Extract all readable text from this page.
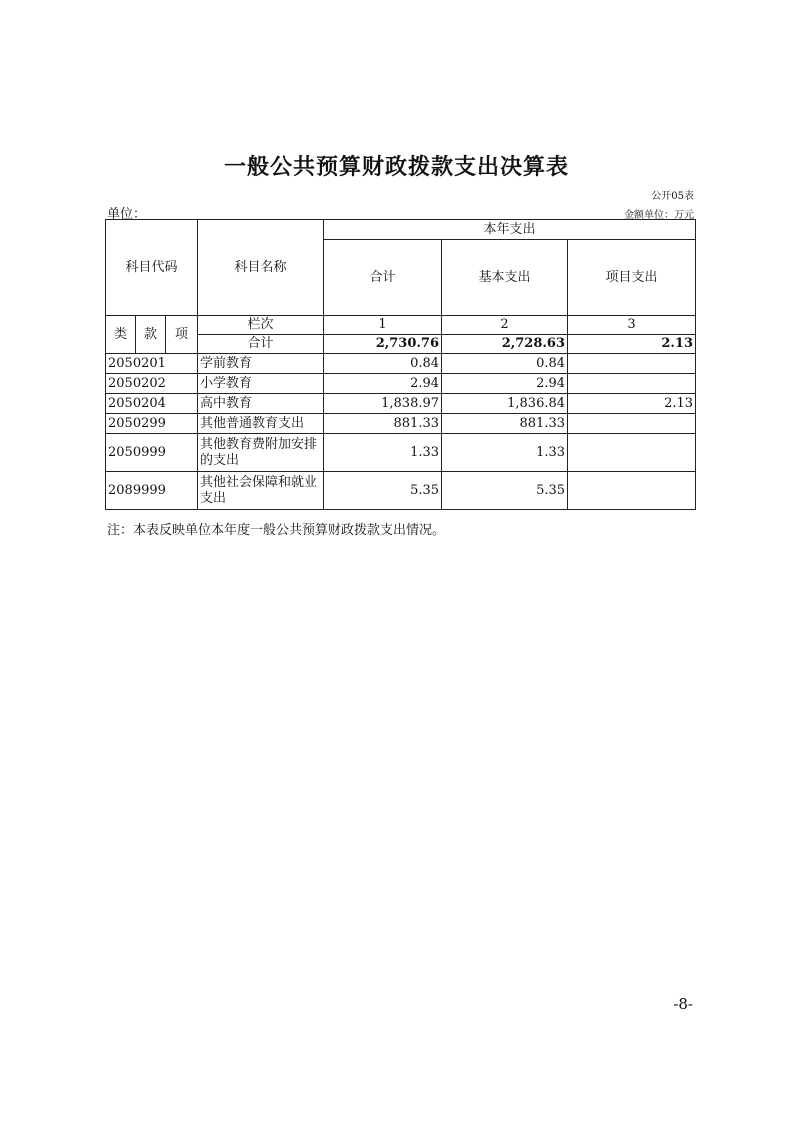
一般公共预算财政拨款支出决算表
公开05表
单位：	金额单位：万元
科目代码			科目名称	本年支出		
				合计	基本支出	项目支出
类	款	项	栏次	1	2	3
			合计	2,730.76	2,728.63	2.13
2050201			学前教育	0.84	0.84	
2050202			小学教育	2.94	2.94	
2050204			高中教育	1,838.97	1,836.84	2.13
2050299			其他普通教育支出	881.33	881.33	
2050999			其他教育费附加安排的支出	1.33	1.33	
2089999			其他社会保障和就业支出	5.35	5.35	
注：本表反映单位本年度一般公共预算财政拨款支出情况。
-8-
